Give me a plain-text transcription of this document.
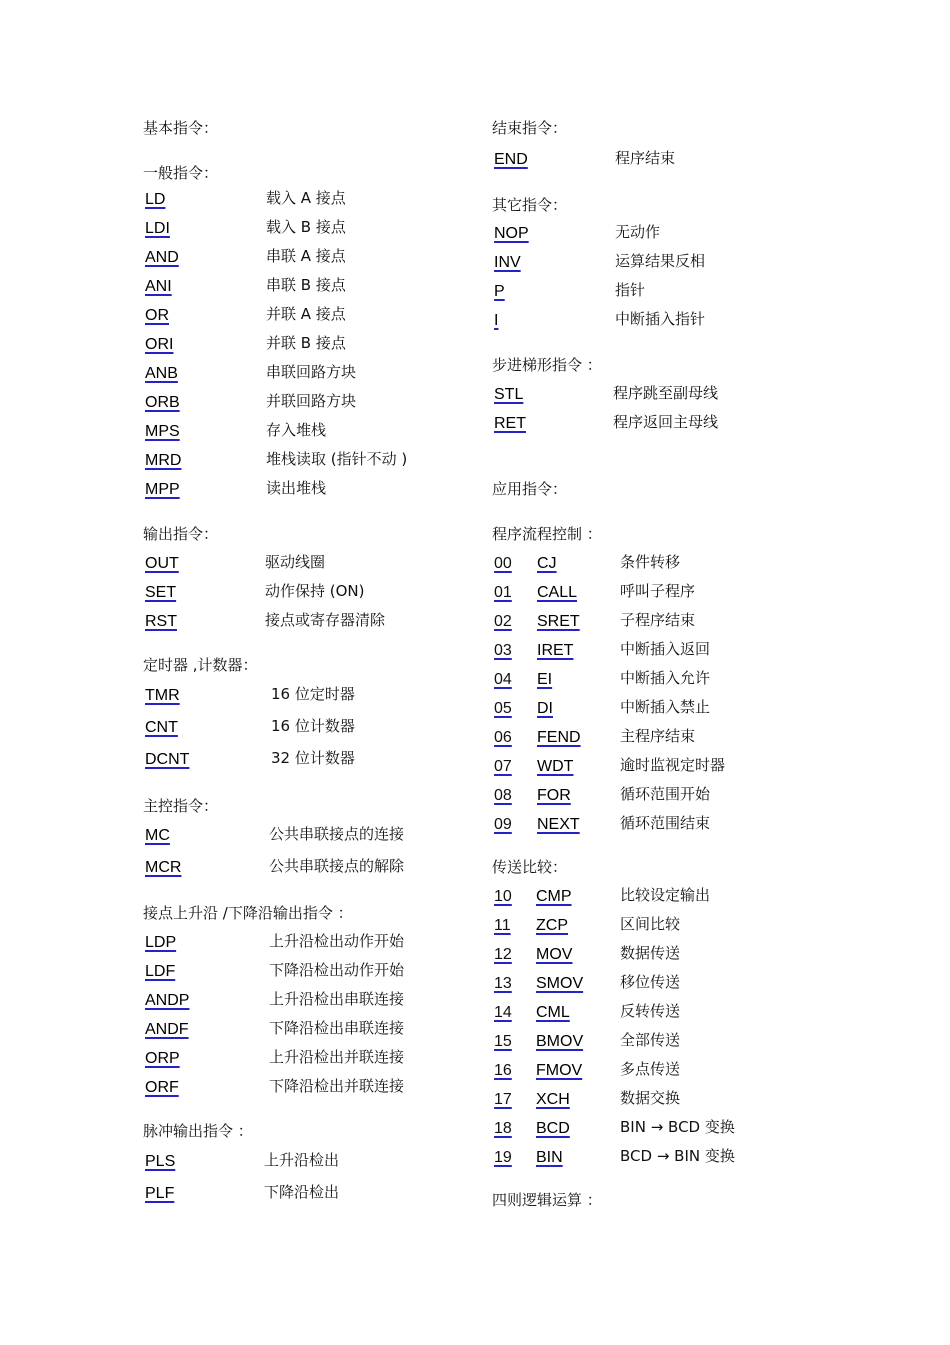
基本指令：
一般指令：
LD	载入 A 接点
LDI	载入 B 接点
AND	串联 A 接点
ANI	串联 B 接点
OR	并联 A 接点
ORI	并联 B 接点
ANB	串联回路方块
ORB	并联回路方块
MPS	存入堆栈
MRD	堆栈读取 (指针不动 )
MPP	读出堆栈
输出指令：
OUT	驱动线圈
SET	动作保持 (ON)
RST	接点或寄存器清除
定时器 ,计数器：
TMR	16 位定时器
CNT	16 位计数器
DCNT	32 位计数器
主控指令：
MC	公共串联接点的连接
MCR	公共串联接点的解除
接点上升沿 /下降沿输出指令 ：
LDP	上升沿检出动作开始
LDF	下降沿检出动作开始
ANDP	上升沿检出串联连接
ANDF	下降沿检出串联连接
ORP	上升沿检出并联连接
ORF	下降沿检出并联连接
脉冲输出指令 ：
PLS	上升沿检出
PLF	下降沿检出
结束指令：
END	程序结束
其它指令：
NOP	无动作
INV	运算结果反相
P	指针
I	中断插入指针
步进梯形指令 ：
STL	程序跳至副母线
RET	程序返回主母线
应用指令：
程序流程控制 ：
00 CJ	条件转移
01 CALL	呼叫子程序
02 SRET	子程序结束
03 IRET	中断插入返回
04 EI	中断插入允许
05 DI	中断插入禁止
06 FEND	主程序结束
07 WDT	逾时监视定时器
08 FOR	循环范围开始
09 NEXT	循环范围结束
传送比较：
10 CMP	比较设定输出
11 ZCP	区间比较
12 MOV	数据传送
13 SMOV 移位传送
14 CML	反转传送
15 BMOV 全部传送
16 FMOV	多点传送
17 XCH	数据交换
18 BCD	BIN → BCD 变换
19 BIN	BCD → BIN 变换
四则逻辑运算 ：
